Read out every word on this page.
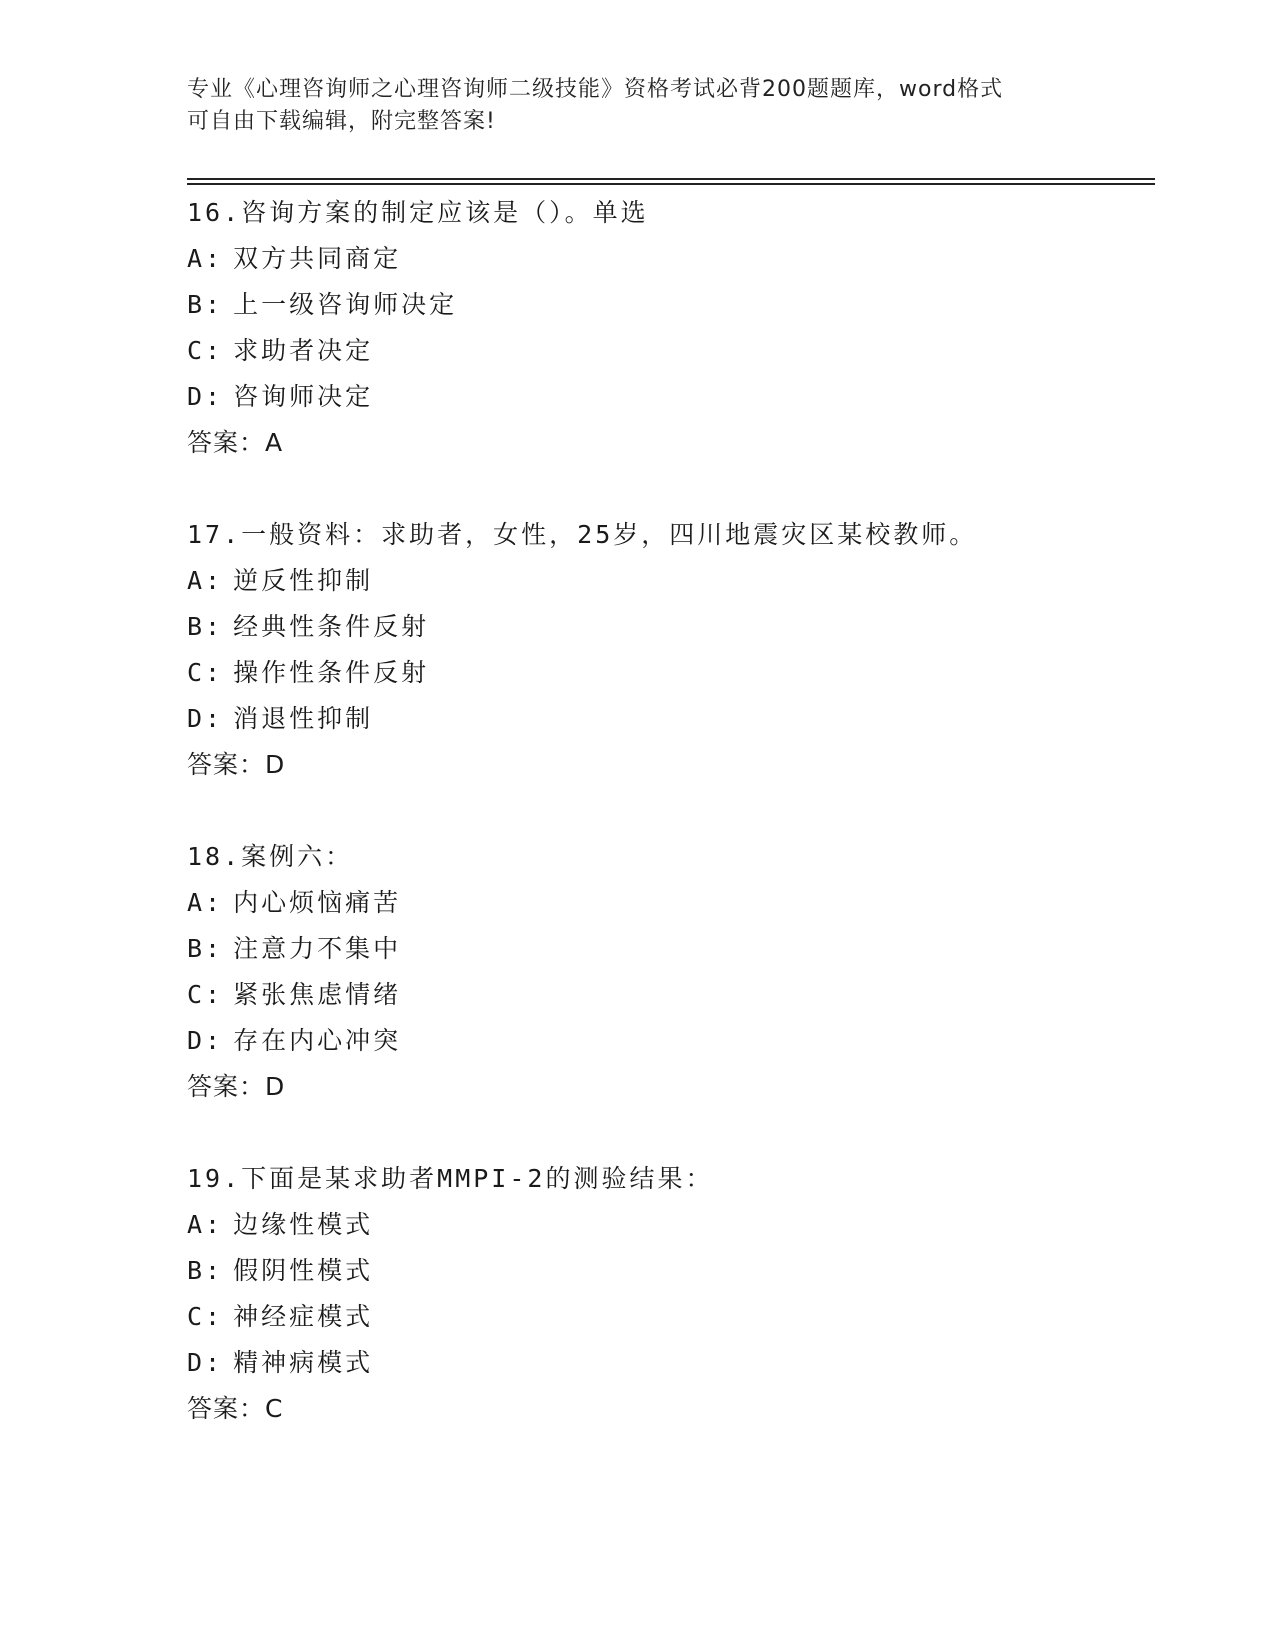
专业《心理咨询师之心理咨询师二级技能》资格考试必背200题题库，word格式
可自由下载编辑，附完整答案!
16.咨询方案的制定应该是（）。单选
A: 双方共同商定
B: 上一级咨询师决定
C: 求助者决定
D: 咨询师决定
答案：A
17.一般资料：求助者，女性，25岁，四川地震灾区某校教师。
A: 逆反性抑制
B: 经典性条件反射
C: 操作性条件反射
D: 消退性抑制
答案：D
18.案例六：
A: 内心烦恼痛苦
B: 注意力不集中
C: 紧张焦虑情绪
D: 存在内心冲突
答案：D
19.下面是某求助者MMPI-2的测验结果：
A: 边缘性模式
B: 假阴性模式
C: 神经症模式
D: 精神病模式
答案：C
